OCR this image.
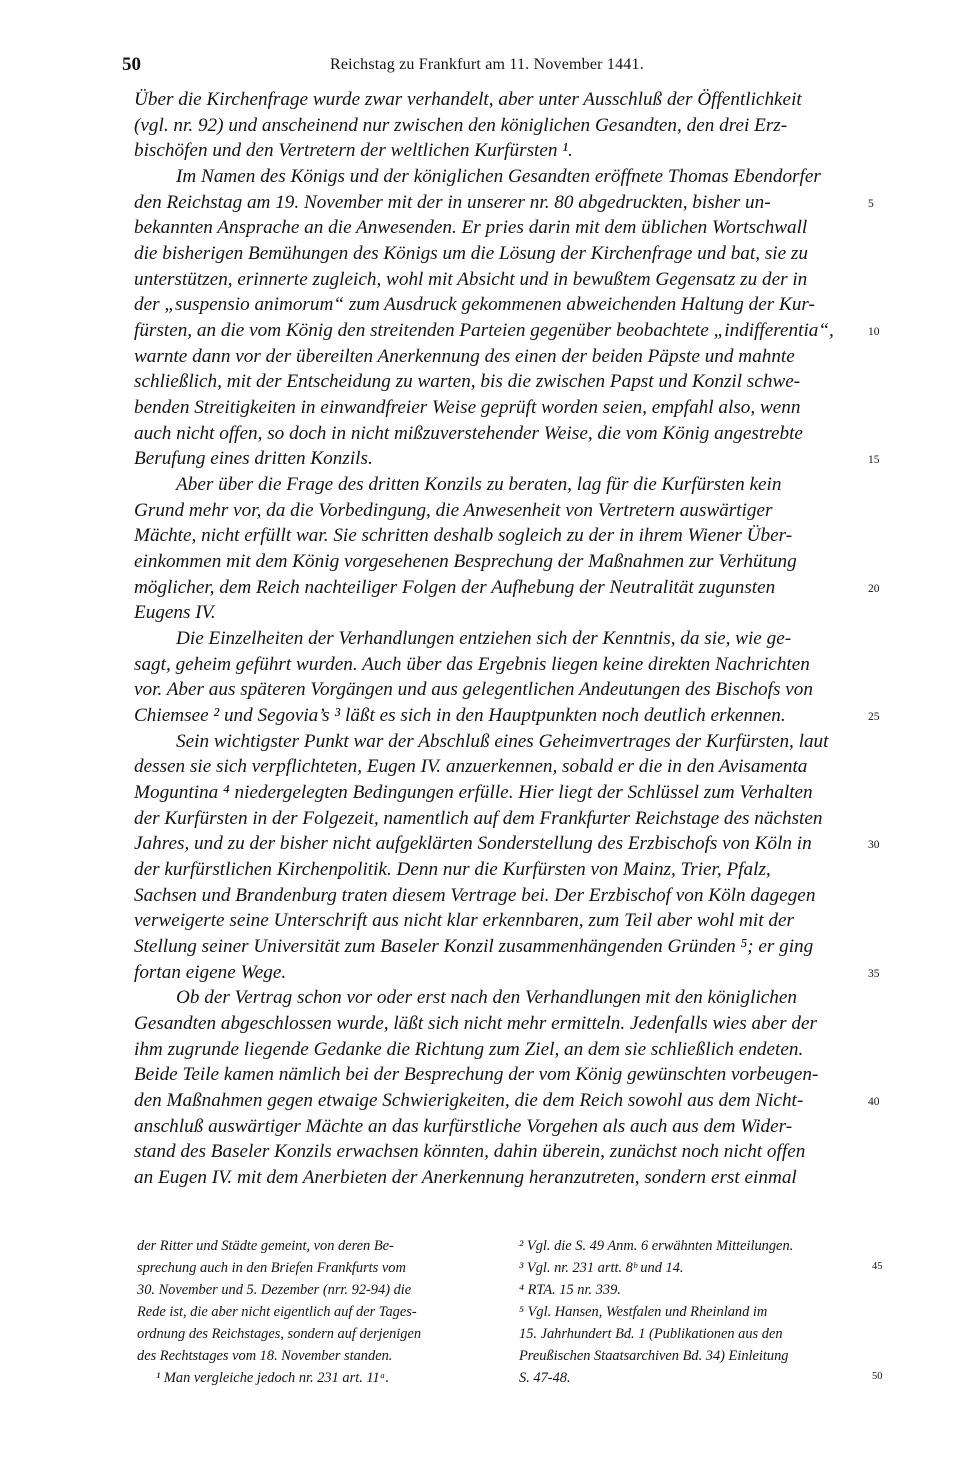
50	Reichstag zu Frankfurt am 11. November 1441.
Über die Kirchenfrage wurde zwar verhandelt, aber unter Ausschluß der Öffentlichkeit
(vgl. nr. 92) und anscheinend nur zwischen den königlichen Gesandten, den drei Erz-
bischöfen und den Vertretern der weltlichen Kurfürsten ¹.
Im Namen des Königs und der königlichen Gesandten eröffnete Thomas Ebendorfer
den Reichstag am 19. November mit der in unserer nr. 80 abgedruckten, bisher un-
bekannten Ansprache an die Anwesenden. Er pries darin mit dem üblichen Wortschwall
die bisherigen Bemühungen des Königs um die Lösung der Kirchenfrage und bat, sie zu
unterstützen, erinnerte zugleich, wohl mit Absicht und in bewußtem Gegensatz zu der in
der „suspensio animorum“ zum Ausdruck gekommenen abweichenden Haltung der Kur-
fürsten, an die vom König den streitenden Parteien gegenüber beobachtete „indifferentia“,
warnte dann vor der übereilten Anerkennung des einen der beiden Päpste und mahnte
schließlich, mit der Entscheidung zu warten, bis die zwischen Papst und Konzil schwe-
benden Streitigkeiten in einwandfreier Weise geprüft worden seien, empfahl also, wenn
auch nicht offen, so doch in nicht mißzuverstehender Weise, die vom König angestrebte
Berufung eines dritten Konzils.
Aber über die Frage des dritten Konzils zu beraten, lag für die Kurfürsten kein
Grund mehr vor, da die Vorbedingung, die Anwesenheit von Vertretern auswärtiger
Mächte, nicht erfüllt war. Sie schritten deshalb sogleich zu der in ihrem Wiener Über-
einkommen mit dem König vorgesehenen Besprechung der Maßnahmen zur Verhütung
möglicher, dem Reich nachteiliger Folgen der Aufhebung der Neutralität zugunsten
Eugens IV.
Die Einzelheiten der Verhandlungen entziehen sich der Kenntnis, da sie, wie ge-
sagt, geheim geführt wurden. Auch über das Ergebnis liegen keine direkten Nachrichten
vor. Aber aus späteren Vorgängen und aus gelegentlichen Andeutungen des Bischofs von
Chiemsee ² und Segovia’s ³ läßt es sich in den Hauptpunkten noch deutlich erkennen.
Sein wichtigster Punkt war der Abschluß eines Geheimvertrages der Kurfürsten, laut
dessen sie sich verpflichteten, Eugen IV. anzuerkennen, sobald er die in den Avisamenta
Moguntina ⁴ niedergelegten Bedingungen erfülle. Hier liegt der Schlüssel zum Verhalten
der Kurfürsten in der Folgezeit, namentlich auf dem Frankfurter Reichstage des nächsten
Jahres, und zu der bisher nicht aufgeklärten Sonderstellung des Erzbischofs von Köln in
der kurfürstlichen Kirchenpolitik. Denn nur die Kurfürsten von Mainz, Trier, Pfalz,
Sachsen und Brandenburg traten diesem Vertrage bei. Der Erzbischof von Köln dagegen
verweigerte seine Unterschrift aus nicht klar erkennbaren, zum Teil aber wohl mit der
Stellung seiner Universität zum Baseler Konzil zusammenhängenden Gründen ⁵; er ging
fortan eigene Wege.
Ob der Vertrag schon vor oder erst nach den Verhandlungen mit den königlichen
Gesandten abgeschlossen wurde, läßt sich nicht mehr ermitteln. Jedenfalls wies aber der
ihm zugrunde liegende Gedanke die Richtung zum Ziel, an dem sie schließlich endeten.
Beide Teile kamen nämlich bei der Besprechung der vom König gewünschten vorbeugen-
den Maßnahmen gegen etwaige Schwierigkeiten, die dem Reich sowohl aus dem Nicht-
anschluß auswärtiger Mächte an das kurfürstliche Vorgehen als auch aus dem Wider-
stand des Baseler Konzils erwachsen könnten, dahin überein, zunächst noch nicht offen
an Eugen IV. mit dem Anerbieten der Anerkennung heranzutreten, sondern erst einmal
5
10
15
20
25
30
35
40
der Ritter und Städte gemeint, von deren Be-
sprechung auch in den Briefen Frankfurts vom
30. November und 5. Dezember (nrr. 92-94) die
Rede ist, die aber nicht eigentlich auf der Tages-
ordnung des Reichstages, sondern auf derjenigen
des Rechtstages vom 18. November standen.
¹ Man vergleiche jedoch nr. 231 art. 11ᵃ.
² Vgl. die S. 49 Anm. 6 erwähnten Mitteilungen.
³ Vgl. nr. 231 artt. 8ᵇ und 14.
⁴ RTA. 15 nr. 339.
⁵ Vgl. Hansen, Westfalen und Rheinland im
15. Jahrhundert Bd. 1 (Publikationen aus den
Preußischen Staatsarchiven Bd. 34) Einleitung
S. 47-48.
45
50
